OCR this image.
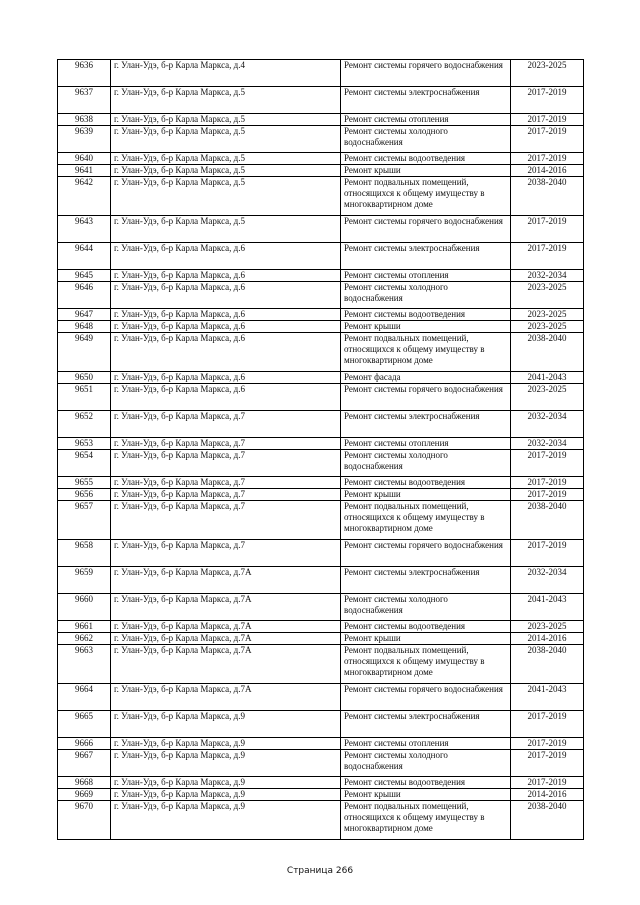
9636	г. Улан-Удэ, б-р Карла Маркса, д.4	Ремонт системы горячего водоснабжения	2023-2025
9637	г. Улан-Удэ, б-р Карла Маркса, д.5	Ремонт системы электроснабжения	2017-2019
9638	г. Улан-Удэ, б-р Карла Маркса, д.5	Ремонт системы отопления	2017-2019
9639	г. Улан-Удэ, б-р Карла Маркса, д.5	Ремонт системы холодного водоснабжения	2017-2019
9640	г. Улан-Удэ, б-р Карла Маркса, д.5	Ремонт системы водоотведения	2017-2019
9641	г. Улан-Удэ, б-р Карла Маркса, д.5	Ремонт крыши	2014-2016
9642	г. Улан-Удэ, б-р Карла Маркса, д.5	Ремонт подвальных помещений, относящихся к общему имуществу в многоквартирном доме	2038-2040
9643	г. Улан-Удэ, б-р Карла Маркса, д.5	Ремонт системы горячего водоснабжения	2017-2019
9644	г. Улан-Удэ, б-р Карла Маркса, д.6	Ремонт системы электроснабжения	2017-2019
9645	г. Улан-Удэ, б-р Карла Маркса, д.6	Ремонт системы отопления	2032-2034
9646	г. Улан-Удэ, б-р Карла Маркса, д.6	Ремонт системы холодного водоснабжения	2023-2025
9647	г. Улан-Удэ, б-р Карла Маркса, д.6	Ремонт системы водоотведения	2023-2025
9648	г. Улан-Удэ, б-р Карла Маркса, д.6	Ремонт крыши	2023-2025
9649	г. Улан-Удэ, б-р Карла Маркса, д.6	Ремонт подвальных помещений, относящихся к общему имуществу в многоквартирном доме	2038-2040
9650	г. Улан-Удэ, б-р Карла Маркса, д.6	Ремонт фасада	2041-2043
9651	г. Улан-Удэ, б-р Карла Маркса, д.6	Ремонт системы горячего водоснабжения	2023-2025
9652	г. Улан-Удэ, б-р Карла Маркса, д.7	Ремонт системы электроснабжения	2032-2034
9653	г. Улан-Удэ, б-р Карла Маркса, д.7	Ремонт системы отопления	2032-2034
9654	г. Улан-Удэ, б-р Карла Маркса, д.7	Ремонт системы холодного водоснабжения	2017-2019
9655	г. Улан-Удэ, б-р Карла Маркса, д.7	Ремонт системы водоотведения	2017-2019
9656	г. Улан-Удэ, б-р Карла Маркса, д.7	Ремонт крыши	2017-2019
9657	г. Улан-Удэ, б-р Карла Маркса, д.7	Ремонт подвальных помещений, относящихся к общему имуществу в многоквартирном доме	2038-2040
9658	г. Улан-Удэ, б-р Карла Маркса, д.7	Ремонт системы горячего водоснабжения	2017-2019
9659	г. Улан-Удэ, б-р Карла Маркса, д.7А	Ремонт системы электроснабжения	2032-2034
9660	г. Улан-Удэ, б-р Карла Маркса, д.7А	Ремонт системы холодного водоснабжения	2041-2043
9661	г. Улан-Удэ, б-р Карла Маркса, д.7А	Ремонт системы водоотведения	2023-2025
9662	г. Улан-Удэ, б-р Карла Маркса, д.7А	Ремонт крыши	2014-2016
9663	г. Улан-Удэ, б-р Карла Маркса, д.7А	Ремонт подвальных помещений, относящихся к общему имуществу в многоквартирном доме	2038-2040
9664	г. Улан-Удэ, б-р Карла Маркса, д.7А	Ремонт системы горячего водоснабжения	2041-2043
9665	г. Улан-Удэ, б-р Карла Маркса, д.9	Ремонт системы электроснабжения	2017-2019
9666	г. Улан-Удэ, б-р Карла Маркса, д.9	Ремонт системы отопления	2017-2019
9667	г. Улан-Удэ, б-р Карла Маркса, д.9	Ремонт системы холодного водоснабжения	2017-2019
9668	г. Улан-Удэ, б-р Карла Маркса, д.9	Ремонт системы водоотведения	2017-2019
9669	г. Улан-Удэ, б-р Карла Маркса, д.9	Ремонт крыши	2014-2016
9670	г. Улан-Удэ, б-р Карла Маркса, д.9	Ремонт подвальных помещений, относящихся к общему имуществу в многоквартирном доме	2038-2040
Страница 266
